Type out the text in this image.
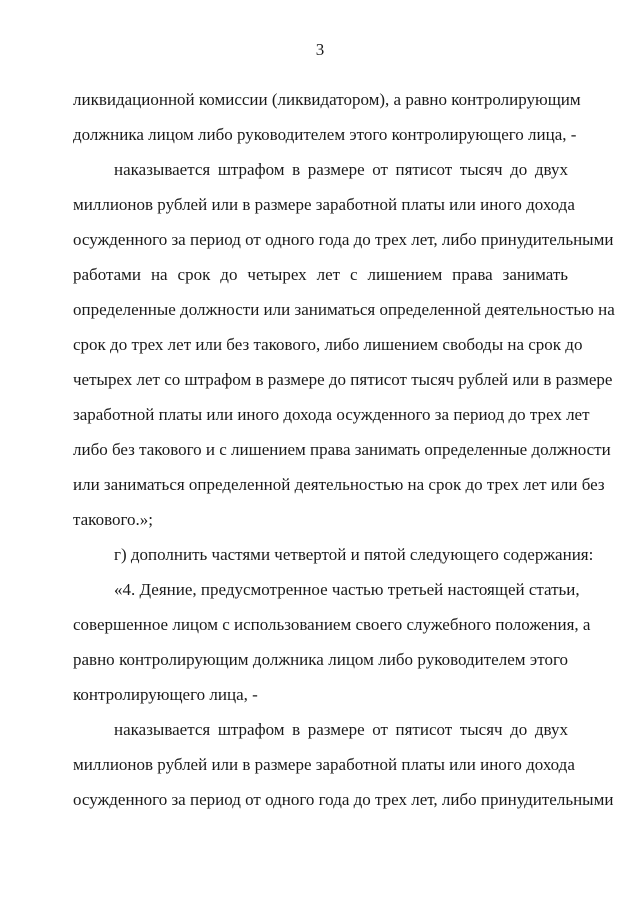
3
ликвидационной комиссии (ликвидатором), а равно контролирующим
должника лицом либо руководителем этого контролирующего лица, -
наказывается штрафом в размере от пятисот тысяч до двух
миллионов рублей или в размере заработной платы или иного дохода
осужденного за период от одного года до трех лет, либо принудительными
работами на срок до четырех лет с лишением права занимать
определенные должности или заниматься определенной деятельностью на
срок до трех лет или без такового, либо лишением свободы на срок до
четырех лет со штрафом в размере до пятисот тысяч рублей или в размере
заработной платы или иного дохода осужденного за период до трех лет
либо без такового и с лишением права занимать определенные должности
или заниматься определенной деятельностью на срок до трех лет или без
такового.»;
г) дополнить частями четвертой и пятой следующего содержания:
«4. Деяние, предусмотренное частью третьей настоящей статьи,
совершенное лицом с использованием своего служебного положения, а
равно контролирующим должника лицом либо руководителем этого
контролирующего лица, -
наказывается штрафом в размере от пятисот тысяч до двух
миллионов рублей или в размере заработной платы или иного дохода
осужденного за период от одного года до трех лет, либо принудительными
